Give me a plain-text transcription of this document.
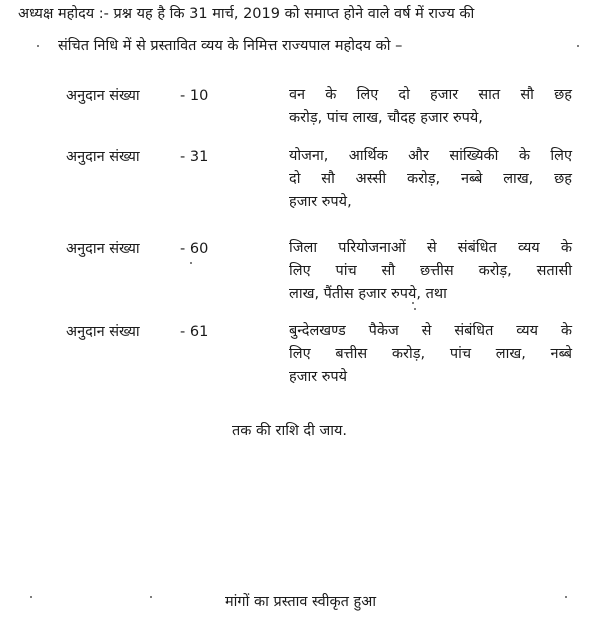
अध्यक्ष महोदय :- प्रश्न यह है कि 31 मार्च, 2019 को समाप्त होने वाले वर्ष में राज्य की
संचित निधि में से प्रस्तावित व्यय के निमित्त राज्यपाल महोदय को –
अनुदान संख्या	- 10	वन के लिए दो हजार सात सौ छह
करोड़, पांच लाख, चौदह हजार रुपये,
अनुदान संख्या	- 31	योजना, आर्थिक और सांख्यिकी के लिए
दो सौ अस्सी करोड़, नब्बे लाख, छह
हजार रुपये,
अनुदान संख्या	- 60	जिला परियोजनाओं से संबंधित व्यय के
लिए पांच सौ छत्तीस करोड़, सतासी
लाख, पैंतीस हजार रुपये, तथा
अनुदान संख्या	- 61	बुन्देलखण्ड पैकेज से संबंधित व्यय के
लिए बत्तीस करोड़, पांच लाख, नब्बे
हजार रुपये
तक की राशि दी जाय.
मांगों का प्रस्ताव स्वीकृत हुआ
